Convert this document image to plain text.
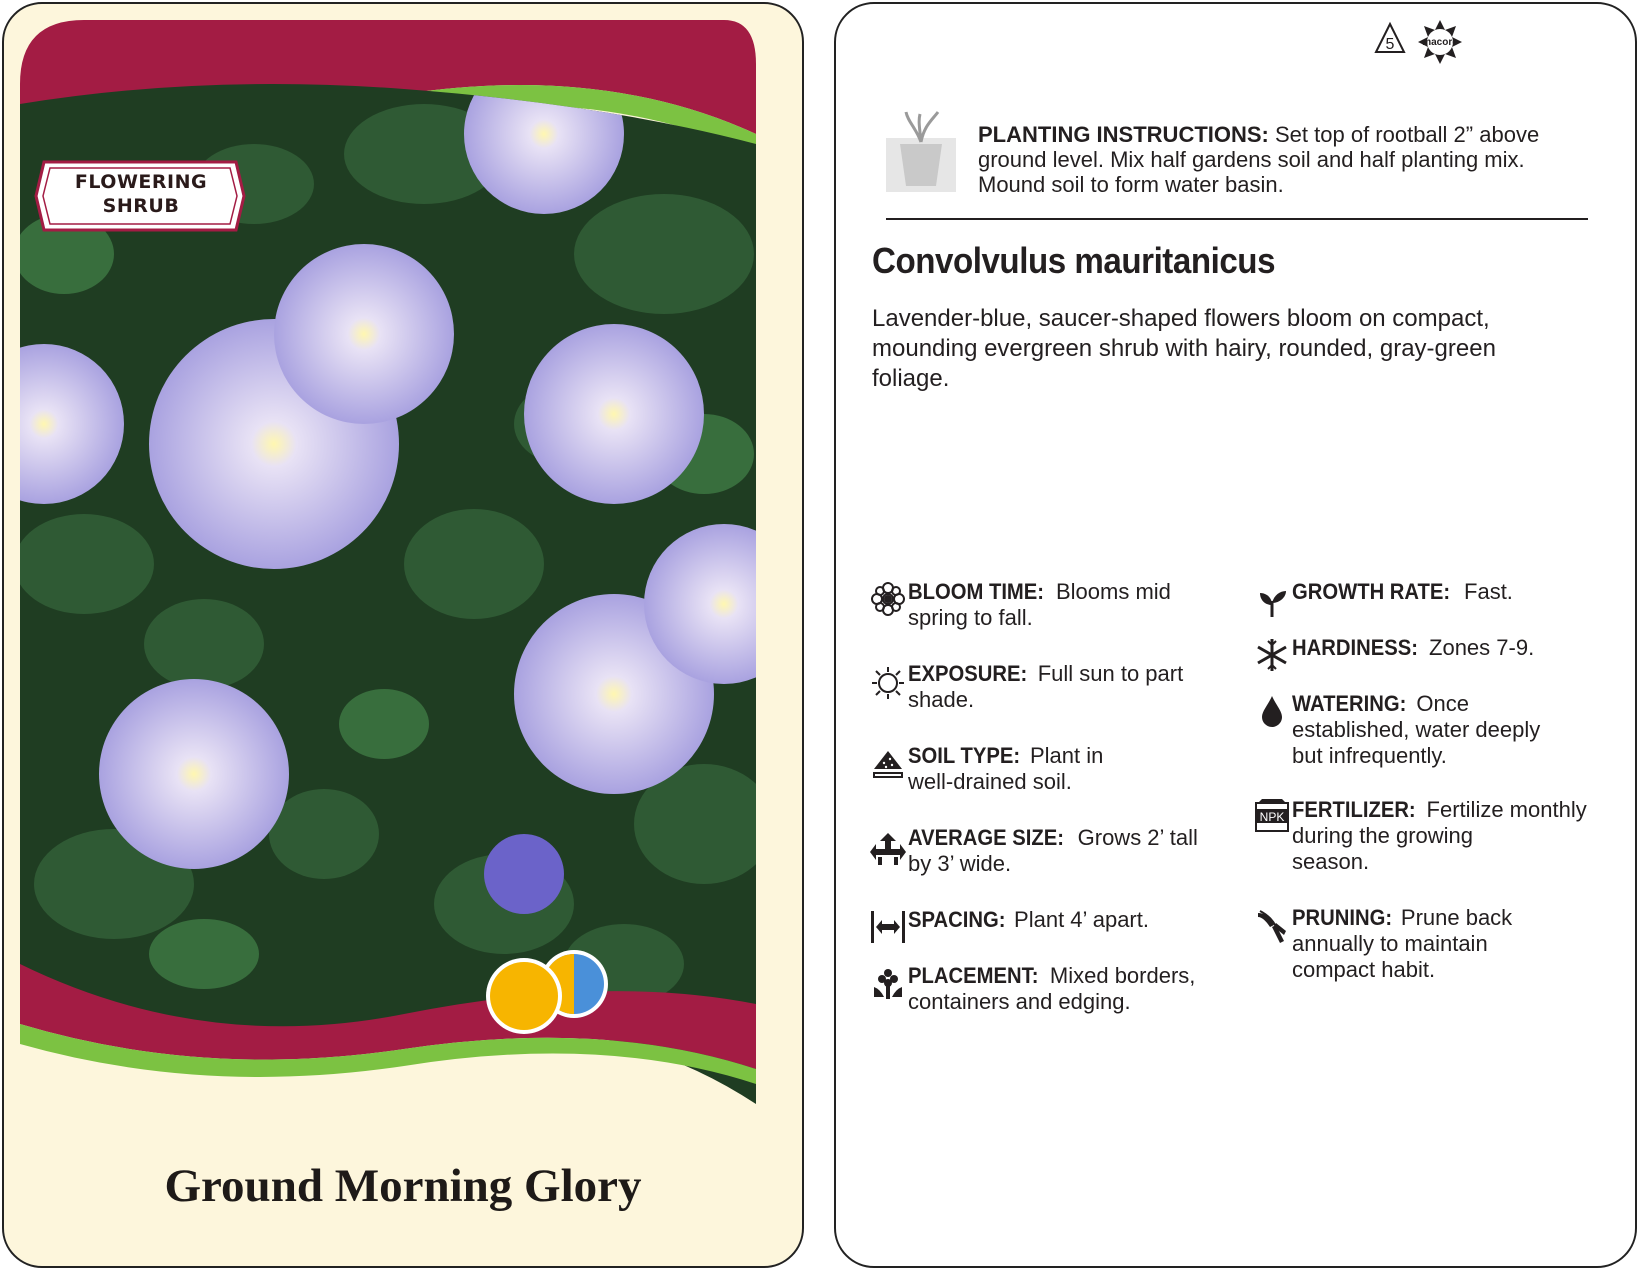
FLOWERING
SHRUB
Ground Morning Glory
5	macore
PLANTING INSTRUCTIONS: Set top of rootball 2” above ground level. Mix half gardens soil and half planting mix. Mound soil to form water basin.
Convolvulus mauritanicus
Lavender-blue, saucer-shaped flowers bloom on compact, mounding evergreen shrub with hairy, rounded, gray-green foliage.
BLOOM TIME: Blooms mid
spring to fall.
EXPOSURE: Full sun to part
shade.
SOIL TYPE: Plant in
well-drained soil.
AVERAGE SIZE: Grows 2’ tall
by 3’ wide.
SPACING: Plant 4’ apart.
PLACEMENT: Mixed borders,
containers and edging.
GROWTH RATE: Fast.
HARDINESS: Zones 7-9.
WATERING: Once
established, water deeply
but infrequently.
NPK FERTILIZER: Fertilize monthly
during the growing
season.
PRUNING: Prune back
annually to maintain
compact habit.
